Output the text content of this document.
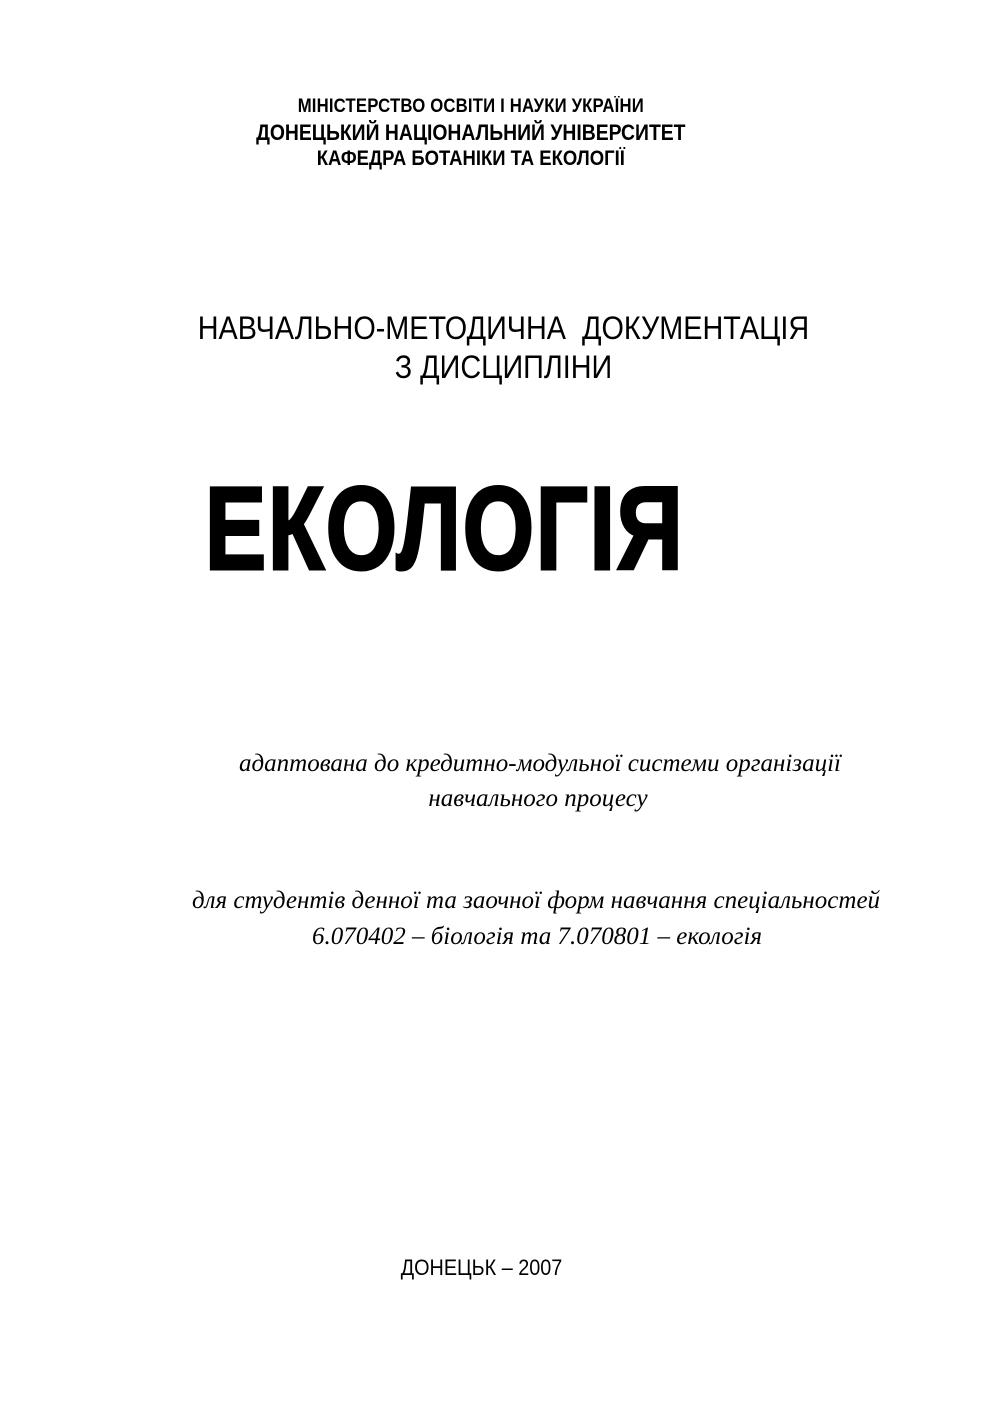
МІНІСТЕРСТВО ОСВІТИ І НАУКИ УКРАЇНИ
ДОНЕЦЬКИЙ НАЦІОНАЛЬНИЙ УНІВЕРСИТЕТ
КАФЕДРА БОТАНІКИ ТА ЕКОЛОГІЇ
НАВЧАЛЬНО-МЕТОДИЧНА  ДОКУМЕНТАЦІЯ
З ДИСЦИПЛІНИ
ЕКОЛОГІЯ
адаптована до кредитно-модульної системи організації
навчального процесу
для студентів денної та заочної форм навчання спеціальностей
6.070402 – біологія та 7.070801 – екологія
ДОНЕЦЬК – 2007
